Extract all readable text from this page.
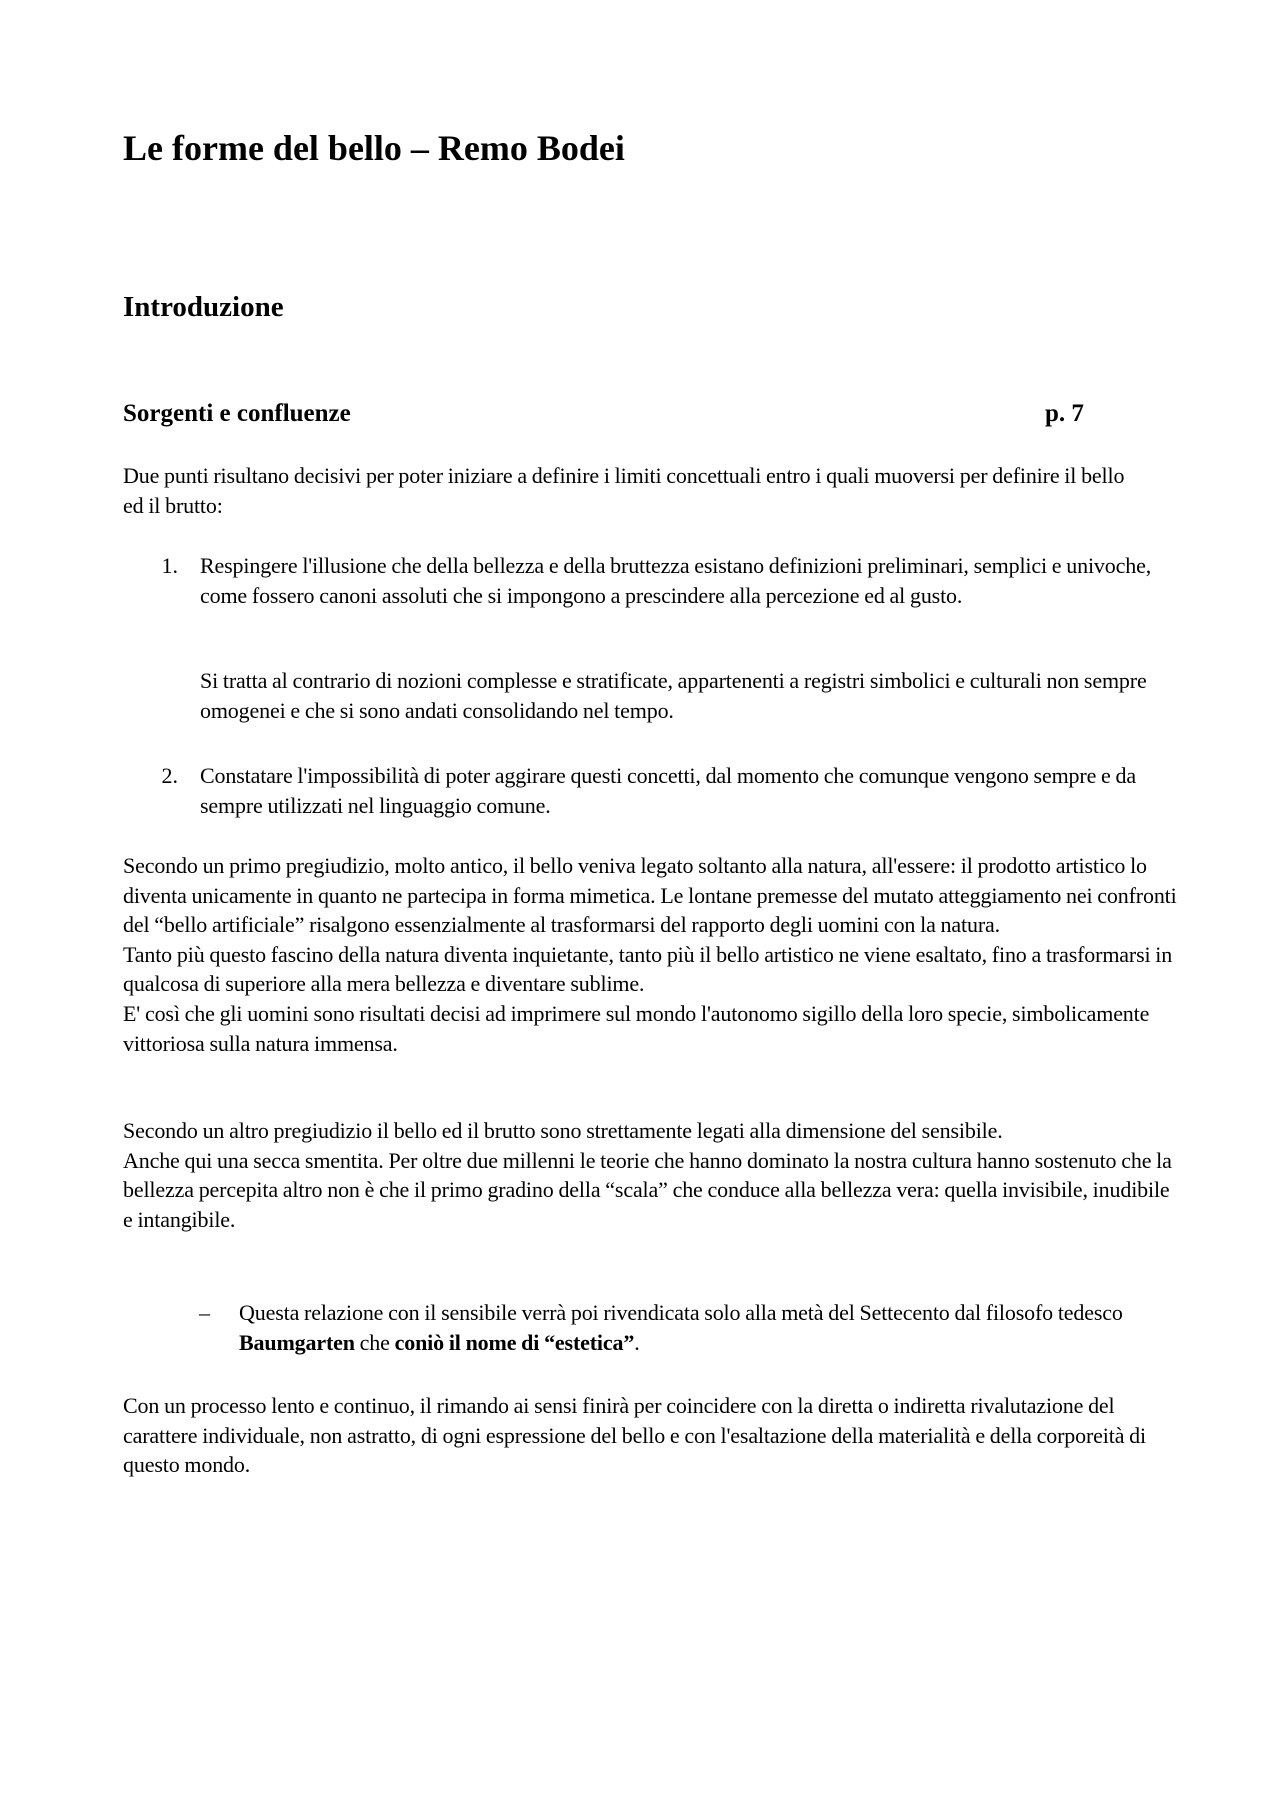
Le forme del bello – Remo Bodei
Introduzione
Sorgenti e confluenze	p. 7

Due punti risultano decisivi per poter iniziare a definire i limiti concettuali entro i quali muoversi per definire il bello ed il brutto:

1. Respingere l'illusione che della bellezza e della bruttezza esistano definizioni preliminari, semplici e univoche, come fossero canoni assoluti che si impongono a prescindere alla percezione ed al gusto.

Si tratta al contrario di nozioni complesse e stratificate, appartenenti a registri simbolici e culturali non sempre omogenei e che si sono andati consolidando nel tempo.

2. Constatare l'impossibilità di poter aggirare questi concetti, dal momento che comunque vengono sempre e da sempre utilizzati nel linguaggio comune.

Secondo un primo pregiudizio, molto antico, il bello veniva legato soltanto alla natura, all'essere: il prodotto artistico lo diventa unicamente in quanto ne partecipa in forma mimetica. Le lontane premesse del mutato atteggiamento nei confronti del “bello artificiale” risalgono essenzialmente al trasformarsi del rapporto degli uomini con la natura.
Tanto più questo fascino della natura diventa inquietante, tanto più il bello artistico ne viene esaltato, fino a trasformarsi in qualcosa di superiore alla mera bellezza e diventare sublime.
E' così che gli uomini sono risultati decisi ad imprimere sul mondo l'autonomo sigillo della loro specie, simbolicamente vittoriosa sulla natura immensa.
Secondo un altro pregiudizio il bello ed il brutto sono strettamente legati alla dimensione del sensibile.
Anche qui una secca smentita. Per oltre due millenni le teorie che hanno dominato la nostra cultura hanno sostenuto che la bellezza percepita altro non è che il primo gradino della “scala” che conduce alla bellezza vera: quella invisibile, inudibile e intangibile.
– Questa relazione con il sensibile verrà poi rivendicata solo alla metà del Settecento dal filosofo tedesco Baumgarten che coniò il nome di “estetica”.

Con un processo lento e continuo, il rimando ai sensi finirà per coincidere con la diretta o indiretta rivalutazione del carattere individuale, non astratto, di ogni espressione del bello e con l'esaltazione della materialità e della corporeità di questo mondo.
